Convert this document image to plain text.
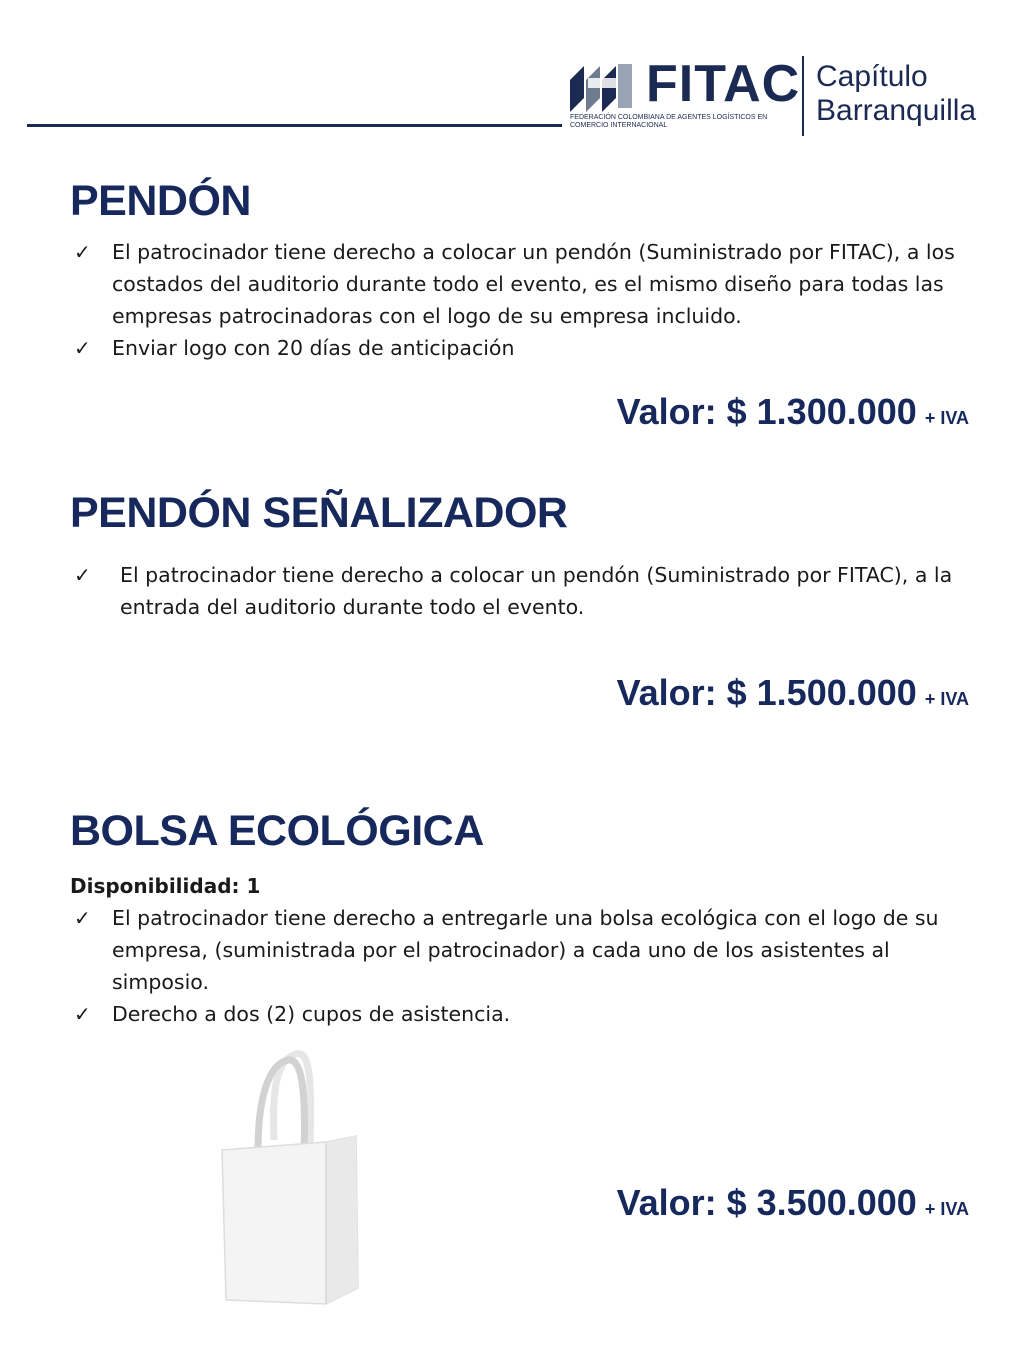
FITAC
FEDERACIÓN COLOMBIANA DE AGENTES LOGÍSTICOS EN COMERCIO INTERNACIONAL
Capítulo
Barranquilla
PENDÓN
✓ El patrocinador tiene derecho a colocar un pendón (Suministrado por FITAC), a los costados del auditorio durante todo el evento, es el mismo diseño para todas las empresas patrocinadoras con el logo de su empresa incluido.
✓ Enviar logo con 20 días de anticipación
Valor: $ 1.300.000 + IVA
PENDÓN SEÑALIZADOR
✓ El patrocinador tiene derecho a colocar un pendón (Suministrado por FITAC), a la entrada del auditorio durante todo el evento.
Valor: $ 1.500.000 + IVA
BOLSA ECOLÓGICA
Disponibilidad: 1
✓ El patrocinador tiene derecho a entregarle una bolsa ecológica con el logo de su empresa, (suministrada por el patrocinador) a cada uno de los asistentes al simposio.
✓ Derecho a dos (2) cupos de asistencia.
Valor: $ 3.500.000 + IVA
